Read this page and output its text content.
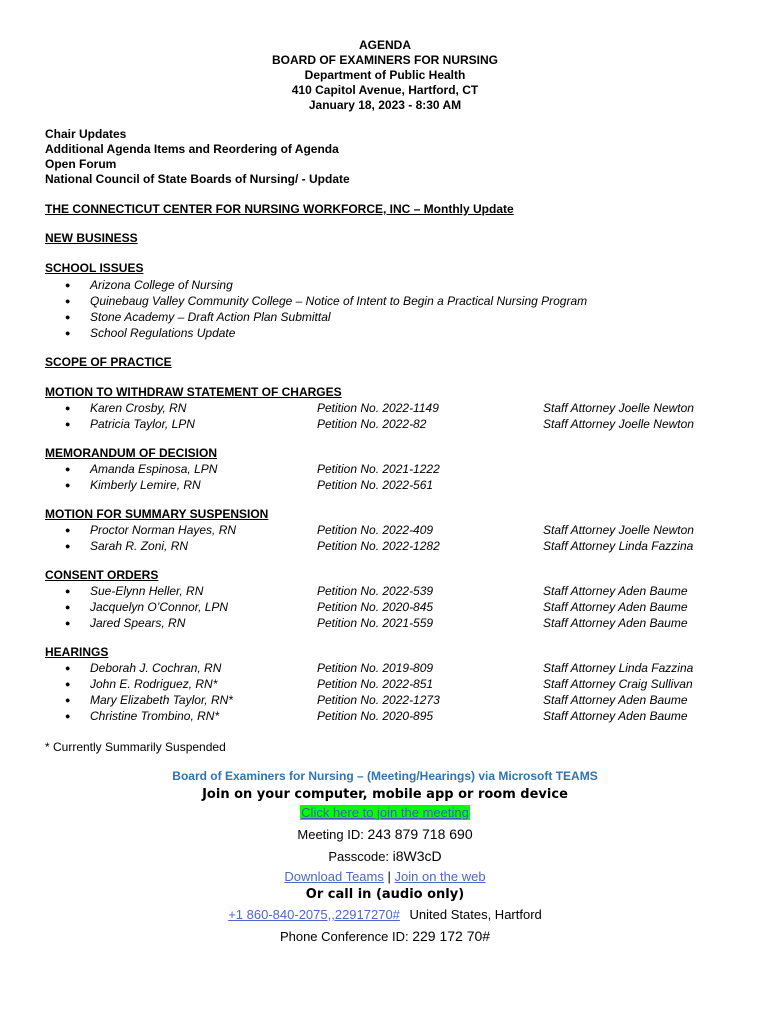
AGENDA
BOARD OF EXAMINERS FOR NURSING
Department of Public Health
410 Capitol Avenue, Hartford, CT
January 18, 2023 - 8:30 AM
Chair Updates
Additional Agenda Items and Reordering of Agenda
Open Forum
National Council of State Boards of Nursing/ - Update
THE CONNECTICUT CENTER FOR NURSING WORKFORCE, INC – Monthly Update
NEW BUSINESS
SCHOOL ISSUES
● Arizona College of Nursing
● Quinebaug Valley Community College – Notice of Intent to Begin a Practical Nursing Program
● Stone Academy – Draft Action Plan Submittal
● School Regulations Update
SCOPE OF PRACTICE
MOTION TO WITHDRAW STATEMENT OF CHARGES
● Karen Crosby, RN	Petition No. 2022-1149	Staff Attorney Joelle Newton
● Patricia Taylor, LPN	Petition No. 2022-82	Staff Attorney Joelle Newton
MEMORANDUM OF DECISION
● Amanda Espinosa, LPN	Petition No. 2021-1222
● Kimberly Lemire, RN	Petition No. 2022-561
MOTION FOR SUMMARY SUSPENSION
● Proctor Norman Hayes, RN	Petition No. 2022-409	Staff Attorney Joelle Newton
● Sarah R. Zoni, RN	Petition No. 2022-1282	Staff Attorney Linda Fazzina
CONSENT ORDERS
● Sue-Elynn Heller, RN	Petition No. 2022-539	Staff Attorney Aden Baume
● Jacquelyn O’Connor, LPN	Petition No. 2020-845	Staff Attorney Aden Baume
● Jared Spears, RN	Petition No. 2021-559	Staff Attorney Aden Baume
HEARINGS
● Deborah J. Cochran, RN	Petition No. 2019-809	Staff Attorney Linda Fazzina
● John E. Rodriguez, RN*	Petition No. 2022-851	Staff Attorney Craig Sullivan
● Mary Elizabeth Taylor, RN*	Petition No. 2022-1273	Staff Attorney Aden Baume
● Christine Trombino, RN*	Petition No. 2020-895	Staff Attorney Aden Baume
* Currently Summarily Suspended
Board of Examiners for Nursing – (Meeting/Hearings) via Microsoft TEAMS
Join on your computer, mobile app or room device
Click here to join the meeting
Meeting ID: 243 879 718 690
Passcode: i8W3cD
Download Teams | Join on the web
Or call in (audio only)
+1 860-840-2075,,22917270# United States, Hartford
Phone Conference ID: 229 172 70#
